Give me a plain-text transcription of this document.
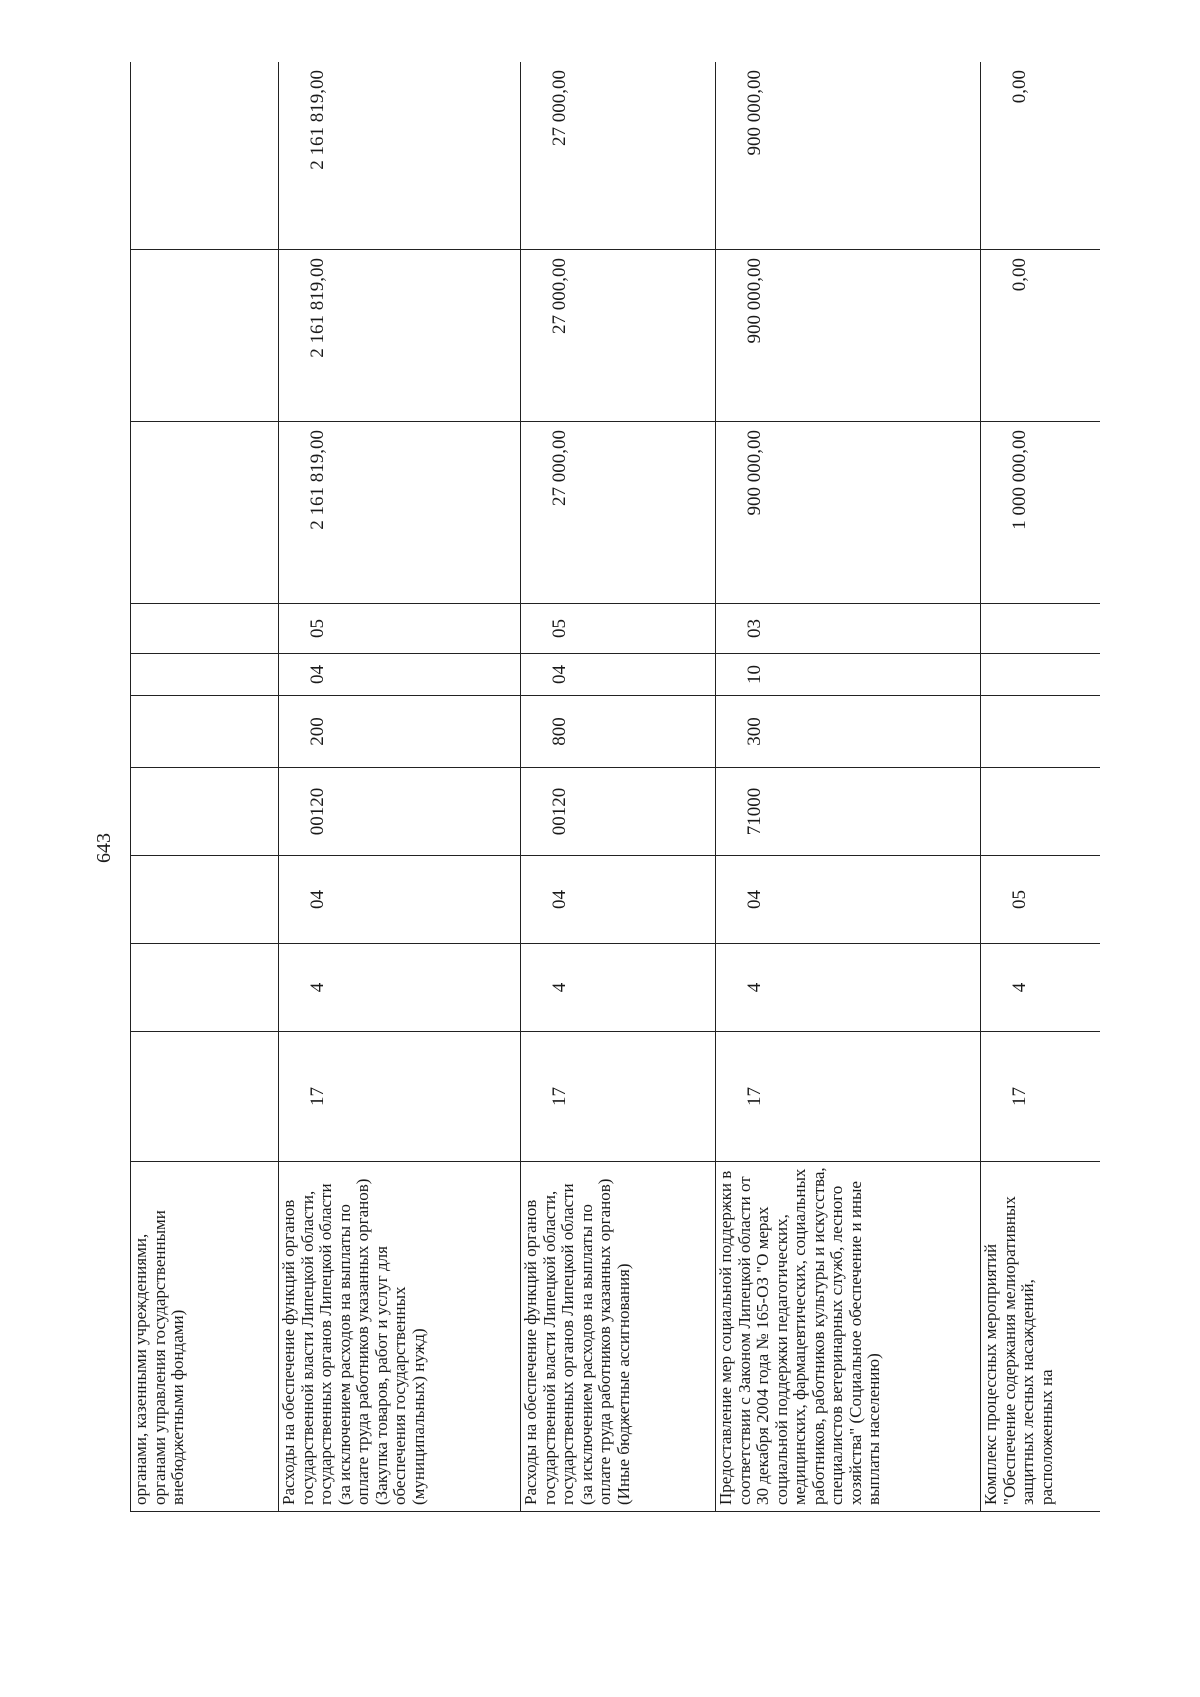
643
органами, казенными учреждениями, органами управления государственными внебюджетными фондами)										
Расходы на обеспечение функций органов государственной власти Липецкой области, государственных органов Липецкой области (за исключением расходов на выплаты по оплате труда работников указанных органов) (Закупка товаров, работ и услуг для обеспечения государственных (муниципальных) нужд)	17	4	04	00120	200	04	05	2 161 819,00	2 161 819,00	2 161 819,00
Расходы на обеспечение функций органов государственной власти Липецкой области, государственных органов Липецкой области (за исключением расходов на выплаты по оплате труда работников указанных органов) (Иные бюджетные ассигнования)	17	4	04	00120	800	04	05	27 000,00	27 000,00	27 000,00
Предоставление мер социальной поддержки в соответствии с Законом Липецкой области от 30 декабря 2004 года № 165-ОЗ "О мерах социальной поддержки педагогических, медицинских, фармацевтических, социальных работников, работников культуры и искусства, специалистов ветеринарных служб, лесного хозяйства" (Социальное обеспечение и иные выплаты населению)	17	4	04	71000	300	10	03	900 000,00	900 000,00	900 000,00
Комплекс процессных мероприятий "Обеспечение содержания мелиоративных защитных лесных насаждений, расположенных на	17	4	05					1 000 000,00	0,00	0,00
